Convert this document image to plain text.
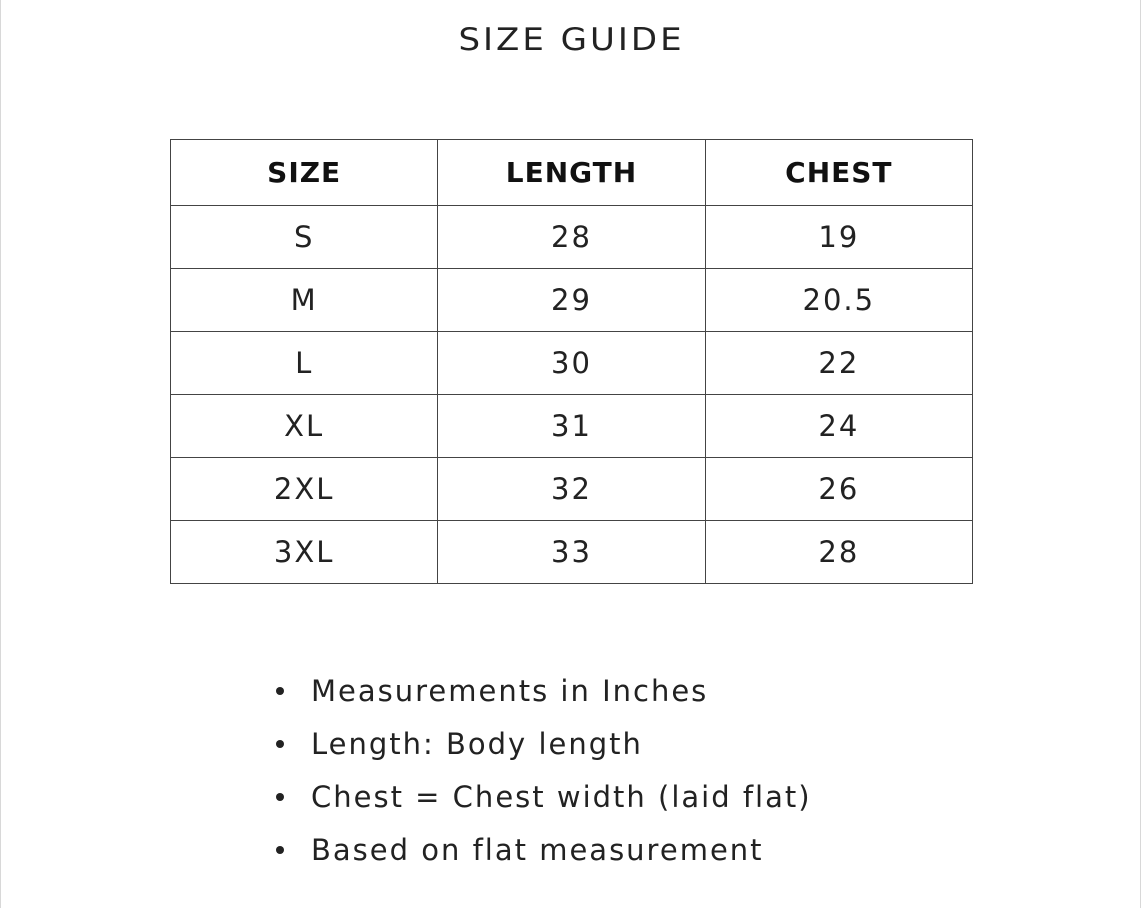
SIZE GUIDE
SIZE	LENGTH	CHEST
S	28	19
M	29	20.5
L	30	22
XL	31	24
2XL	32	26
3XL	33	28
Measurements in Inches
Length: Body length
Chest = Chest width (laid flat)
Based on flat measurement
